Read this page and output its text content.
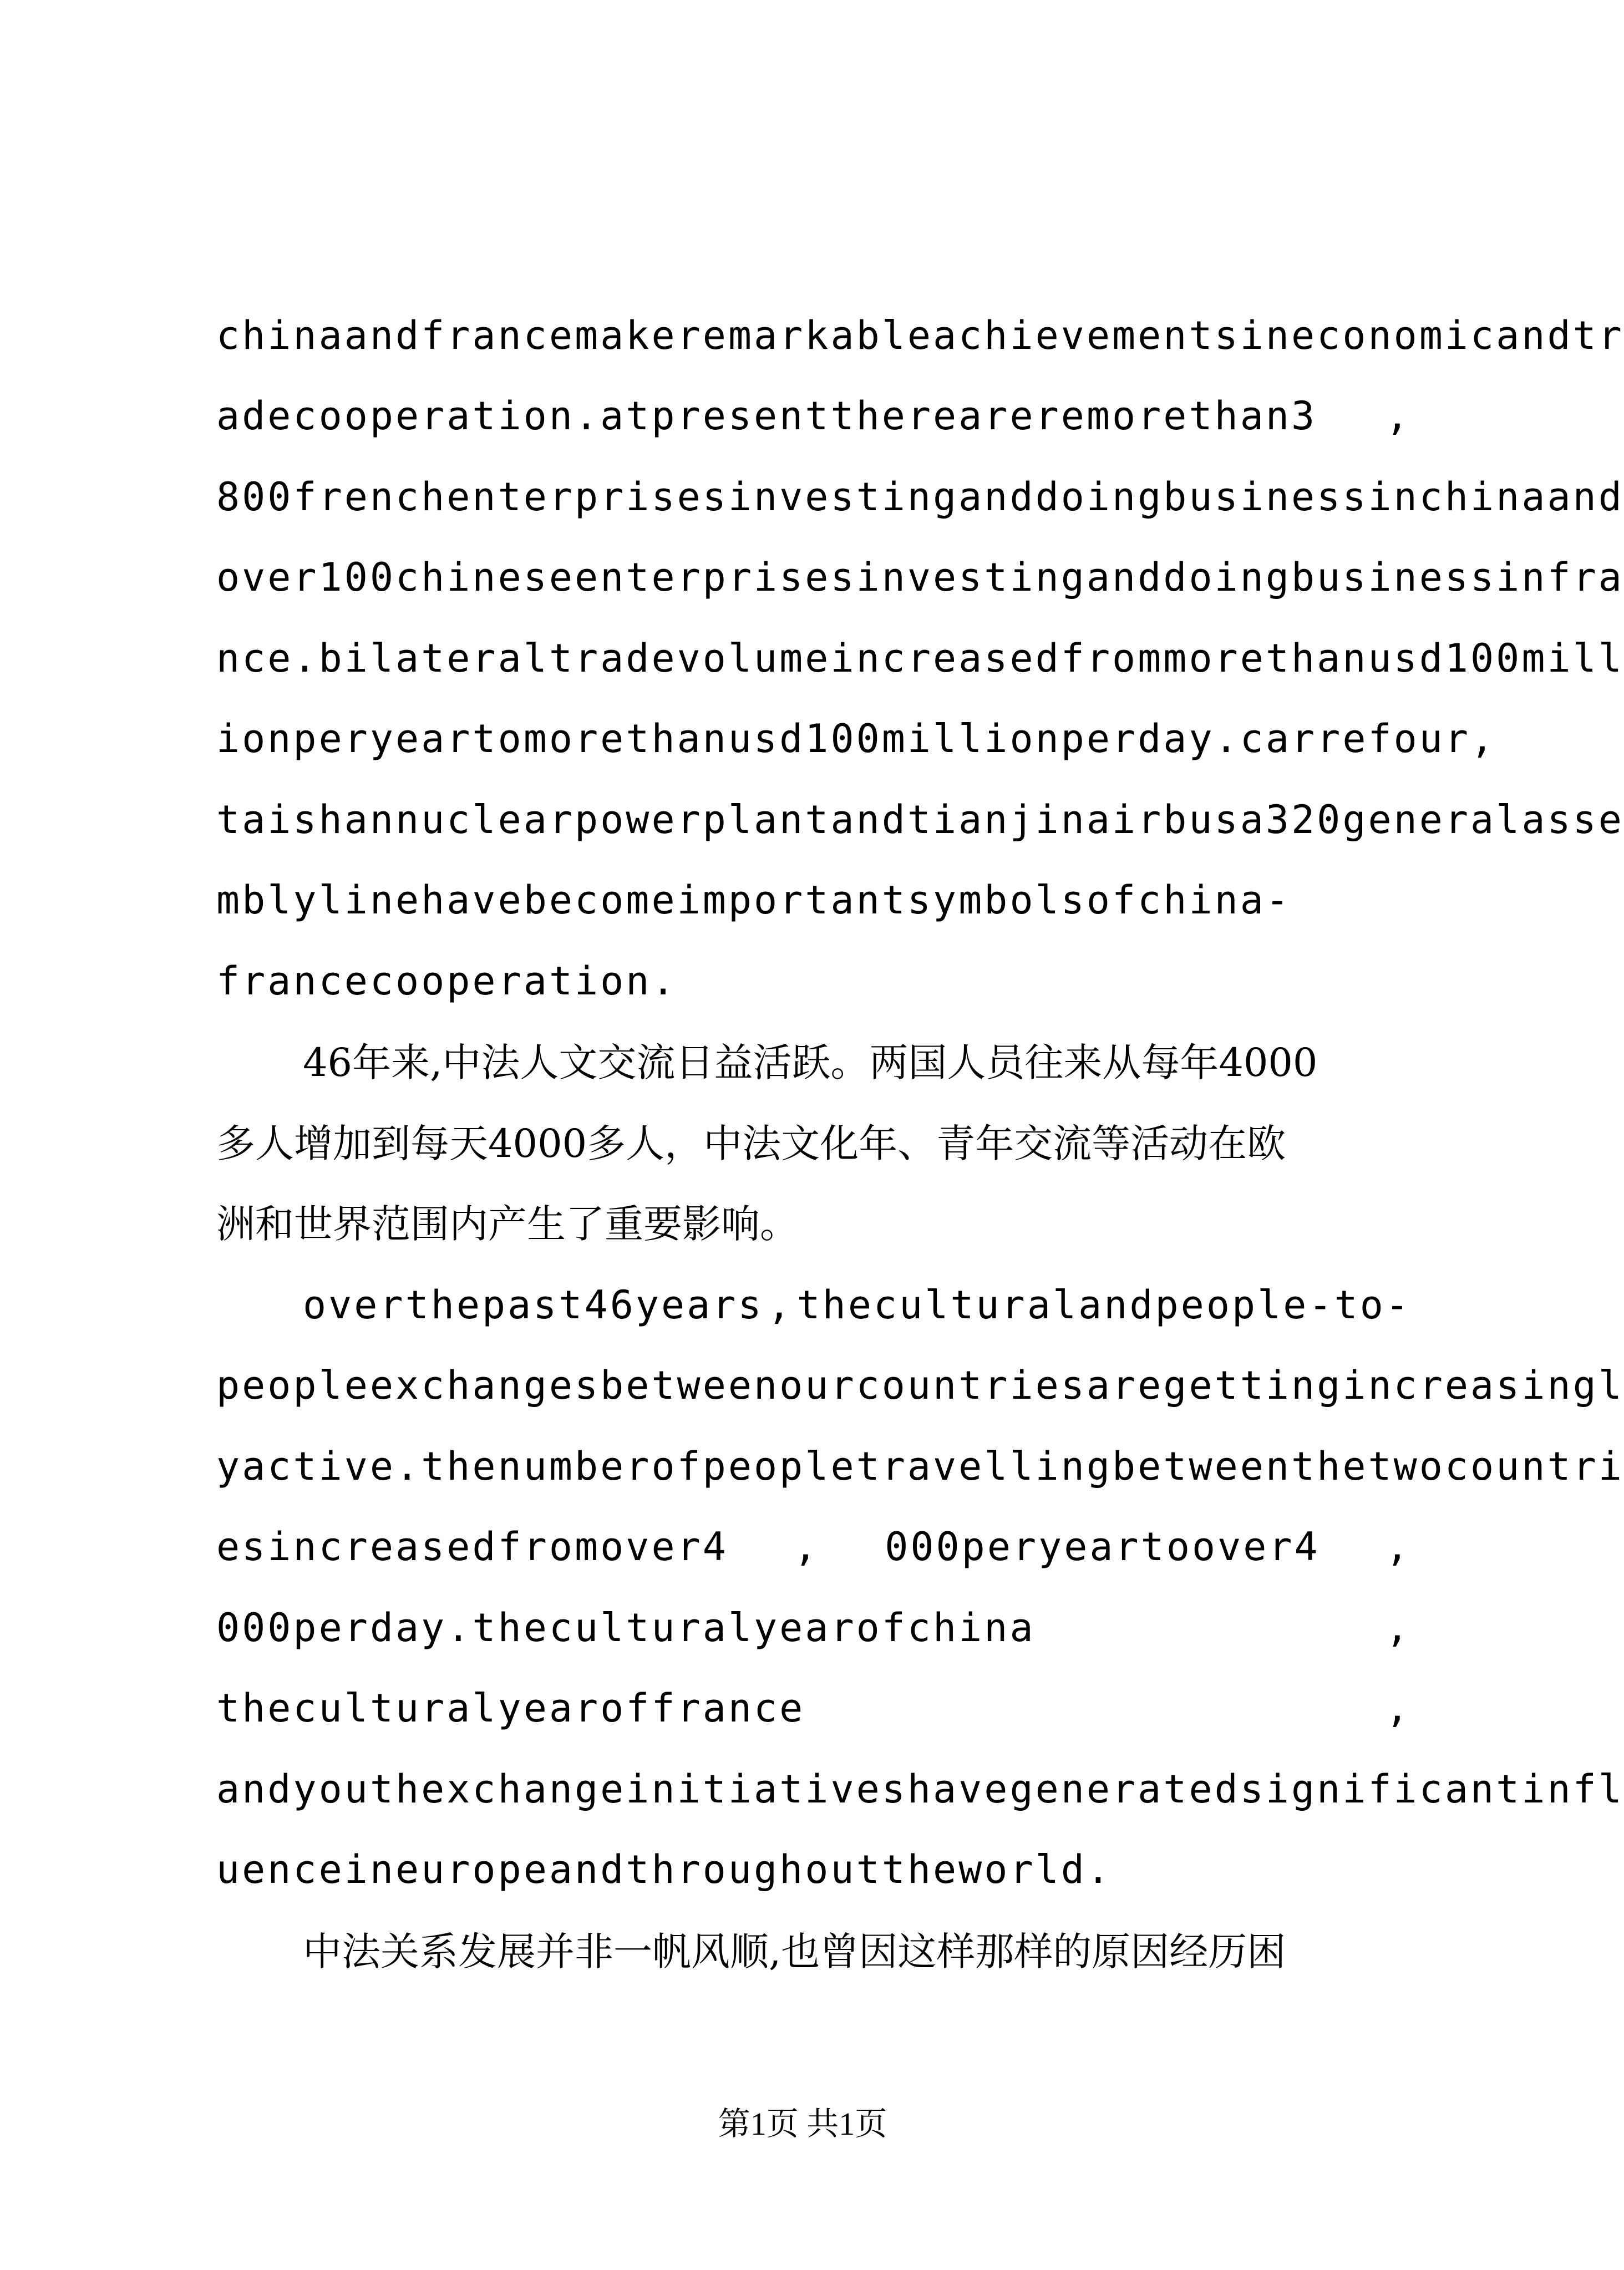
chinaandfrancemakeremarkableachievementsineconomicandtr

adecooperation.atpresentthereareremorethan3 ,

800frenchenterprisesinvestinganddoingbusinessinchinaand

over100chineseenterprisesinvestinganddoingbusinessinfra

nce.bilateraltradevolumeincreasedfrommorethanusd100mill

ionperyeartomorethanusd100millionperday.carrefour ,

taishannuclearpowerplantandtianjinairbusa320generalasse

mblylinehavebecomeimportantsymbolsofchina-

francecooperation.

46年来,中法人文交流日益活跃。两国人员往来从每年4000

多人增加到每天4000多人，中法文化年、青年交流等活动在欧

洲和世界范围内产生了重要影响。

overthepast46years , theculturalandpeople-to-

peopleexchangesbetweenourcountriesaregettingincreasingl

yactive.thenumberofpeopletravellingbetweenthetwocountri

esincreasedfromover4 , 000peryeartoover4 ,

000perday.theculturalyearofchina	,

theculturalyearoffrance	,

andyouthexchangeinitiativeshavegeneratedsignificantinfl

uenceineuropeandthroughouttheworld.

中法关系发展并非一帆风顺,也曾因这样那样的原因经历困

第1页 共1页
